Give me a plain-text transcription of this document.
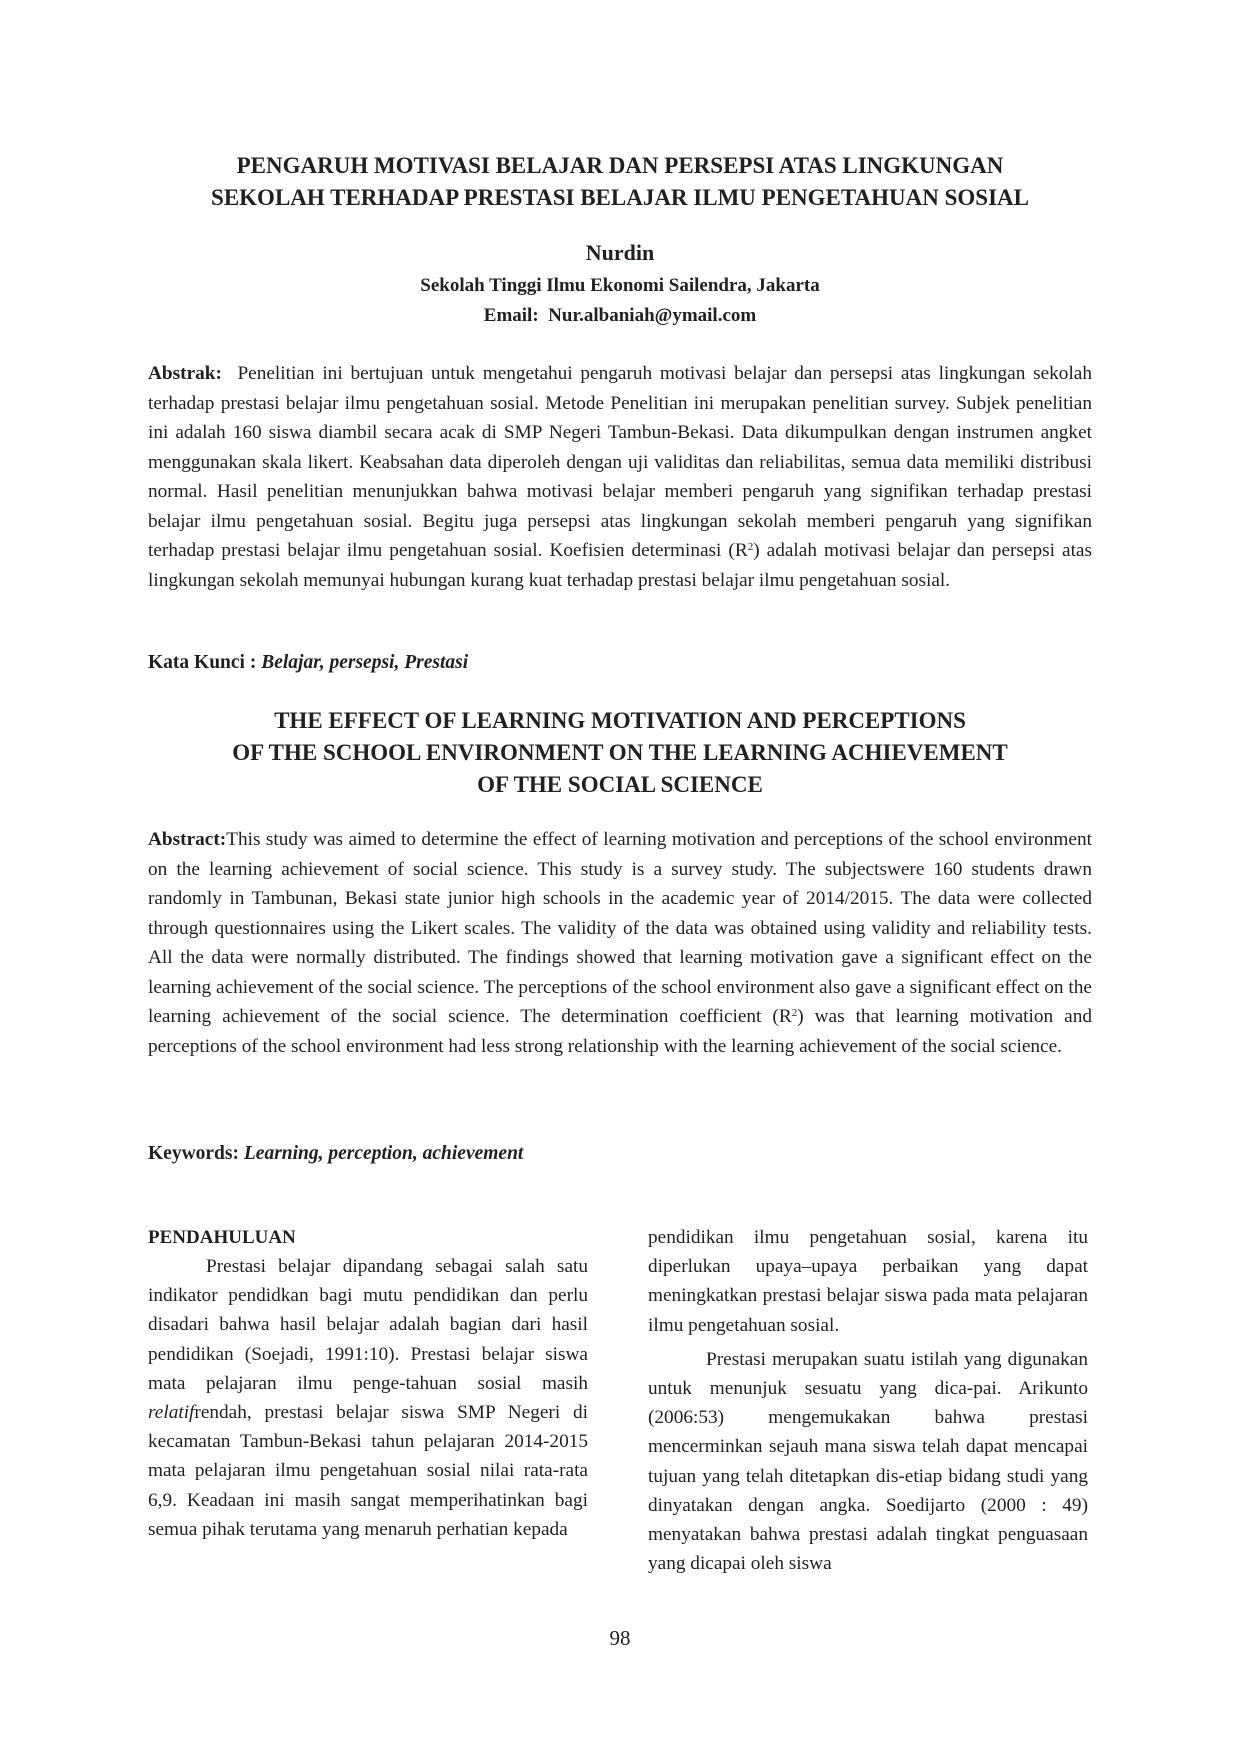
PENGARUH MOTIVASI BELAJAR DAN PERSEPSI ATAS LINGKUNGAN
SEKOLAH TERHADAP PRESTASI BELAJAR ILMU PENGETAHUAN SOSIAL

Nurdin

Sekolah Tinggi Ilmu Ekonomi Sailendra, Jakarta

Email: Nur.albaniah@ymail.com

Abstrak: Penelitian ini bertujuan untuk mengetahui pengaruh motivasi belajar dan persepsi atas lingkungan sekolah terhadap prestasi belajar ilmu pengetahuan sosial. Metode Penelitian ini merupakan penelitian survey. Subjek penelitian ini adalah 160 siswa diambil secara acak di SMP Negeri Tambun-Bekasi. Data dikumpulkan dengan instrumen angket menggunakan skala likert. Keabsahan data diperoleh dengan uji validitas dan reliabilitas, semua data memiliki distribusi normal. Hasil penelitian menunjukkan bahwa motivasi belajar memberi pengaruh yang signifikan terhadap prestasi belajar ilmu pengetahuan sosial. Begitu juga persepsi atas lingkungan sekolah memberi pengaruh yang signifikan terhadap prestasi belajar ilmu pengetahuan sosial. Koefisien determinasi $(R^2)$ adalah motivasi belajar dan persepsi atas lingkungan sekolah memunyai hubungan kurang kuat terhadap prestasi belajar ilmu pengetahuan sosial.

Kata Kunci : Belajar, persepsi, Prestasi

THE EFFECT OF LEARNING MOTIVATION AND PERCEPTIONS
OF THE SCHOOL ENVIRONMENT ON THE LEARNING ACHIEVEMENT
OF THE SOCIAL SCIENCE

Abstract:This study was aimed to determine the effect of learning motivation and perceptions of the school environment on the learning achievement of social science. This study is a survey study. The subjectswere 160 students drawn randomly in Tambunan, Bekasi state junior high schools in the academic year of 2014/2015. The data were collected through questionnaires using the Likert scales. The validity of the data was obtained using validity and reliability tests. All the data were normally distributed. The findings showed that learning motivation gave a significant effect on the learning achievement of the social science. The perceptions of the school environment also gave a significant effect on the learning achievement of the social science. The determination coefficient $(R^2)$ was that learning motivation and perceptions of the school environment had less strong relationship with the learning achievement of the social science.

Keywords: Learning, perception, achievement

PENDAHULUAN

Prestasi belajar dipandang sebagai salah satu indikator pendidkan bagi mutu pendidikan dan perlu disadari bahwa hasil belajar adalah bagian dari hasil pendidikan (Soejadi, 1991:10). Prestasi belajar siswa mata pelajaran ilmu penge-tahuan sosial masih relatifrendah, prestasi belajar siswa SMP Negeri di kecamatan Tambun-Bekasi tahun pelajaran 2014-2015 mata pelajaran ilmu pengetahuan sosial nilai rata-rata 6,9. Keadaan ini masih sangat memperihatinkan bagi semua pihak terutama yang menaruh perhatian kepada

pendidikan ilmu pengetahuan sosial, karena itu diperlukan upaya–upaya perbaikan yang dapat meningkatkan prestasi belajar siswa pada mata pelajaran ilmu pengetahuan sosial.

Prestasi merupakan suatu istilah yang digunakan untuk menunjuk sesuatu yang dica-pai. Arikunto (2006:53) mengemukakan bahwa prestasi mencerminkan sejauh mana siswa telah dapat mencapai tujuan yang telah ditetapkan dis-etiap bidang studi yang dinyatakan dengan angka. Soedijarto (2000 : 49) menyatakan bahwa prestasi adalah tingkat penguasaan yang dicapai oleh siswa

98
